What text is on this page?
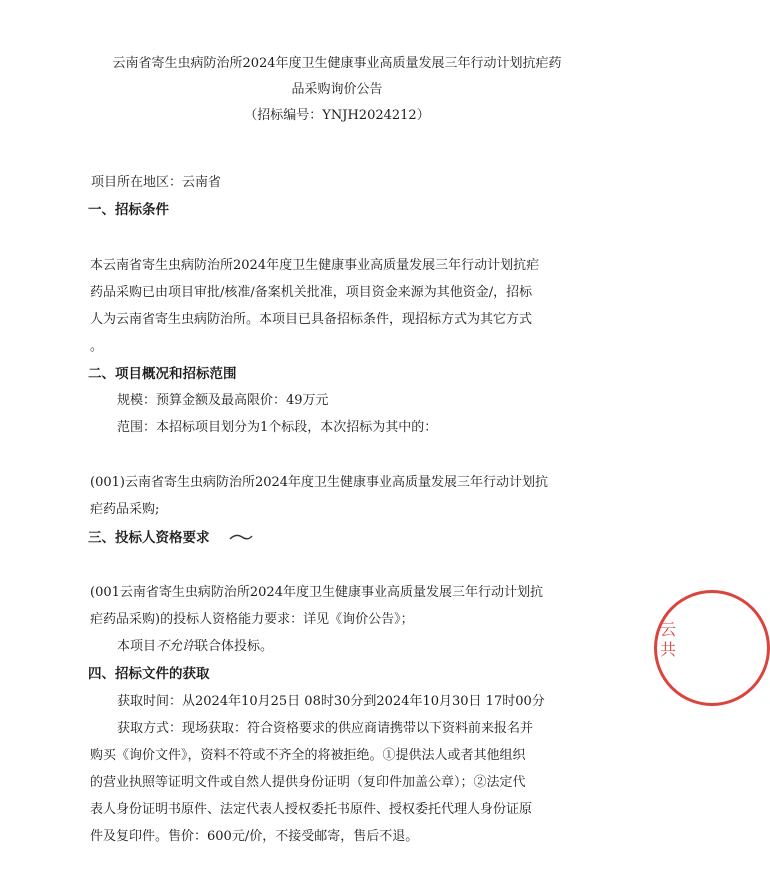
云南省寄生虫病防治所2024年度卫生健康事业高质量发展三年行动计划抗疟药
品采购询价公告
（招标编号：YNJH2024212）
项目所在地区：云南省
一、招标条件
本云南省寄生虫病防治所2024年度卫生健康事业高质量发展三年行动计划抗疟
药品采购已由项目审批/核准/备案机关批准，项目资金来源为其他资金/，招标
人为云南省寄生虫病防治所。本项目已具备招标条件，现招标方式为其它方式
。
二、项目概况和招标范围
规模：预算金额及最高限价：49万元
范围：本招标项目划分为1个标段，本次招标为其中的：
(001)云南省寄生虫病防治所2024年度卫生健康事业高质量发展三年行动计划抗
疟药品采购;
三、投标人资格要求
(001云南省寄生虫病防治所2024年度卫生健康事业高质量发展三年行动计划抗
疟药品采购)的投标人资格能力要求：详见《询价公告》；
本项目不允许联合体投标。
四、招标文件的获取
获取时间：从2024年10月25日 08时30分到2024年10月30日 17时00分
获取方式：现场获取：符合资格要求的供应商请携带以下资料前来报名并
购买《询价文件》，资料不符或不齐全的将被拒绝。①提供法人或者其他组织
的营业执照等证明文件或自然人提供身份证明（复印件加盖公章）；②法定代
表人身份证明书原件、法定代表人授权委托书原件、授权委托代理人身份证原
件及复印件。售价：600元/价，不接受邮寄，售后不退。
云
共
